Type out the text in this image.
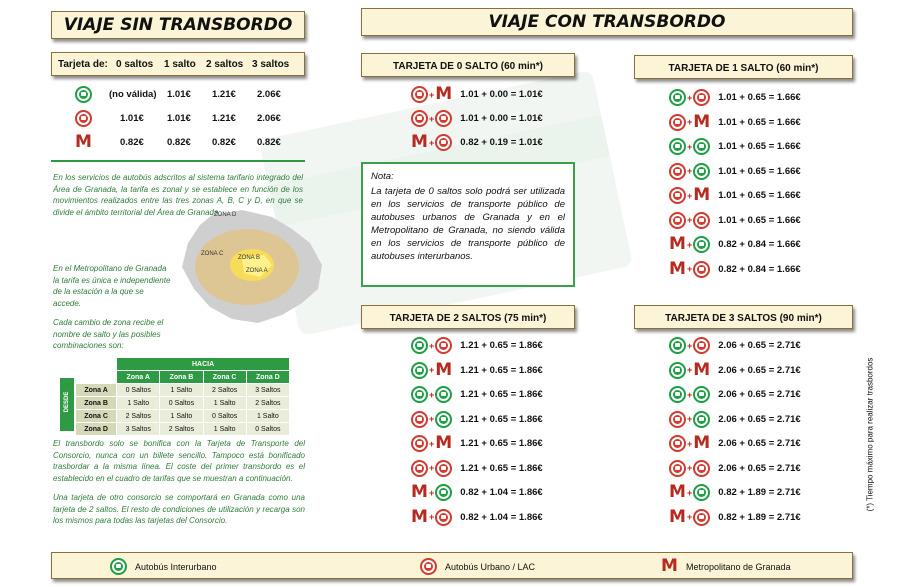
VIAJE SIN TRANSBORDO	VIAJE CON TRANSBORDO
Tarjeta de: 0 saltos	1 salto	2 saltos 3 saltos
(no válida)	1.01€ 1.21€ 2.06€
1.01€ 1.01€ 1.21€ 2.06€
M	0.82€ 0.82€ 0.82€ 0.82€
En los servicios de autobús adscritos al sistema tarifario integrado del Área de Granada, la tarifa es zonal y se establece en función de los movimientos realizados entre las tres zonas A, B, C y D, en que se divide el ámbito territorial del Área de Granada.
ZONA D
ZONA C
ZONA B
ZONA A
En el Metropolitano de Granada la tarifa es única e independiente de la estación a la que se accede.
Cada cambio de zona recibe el nombre de salto y las posibles combinaciones son:
DESDE
	HACIA			
	Zona A	Zona B	Zona C	Zona D
Zona A	0 Saltos	1 Salto	2 Saltos	3 Saltos
Zona B	1 Salto	0 Saltos	1 Salto	2 Saltos
Zona C	2 Saltos	1 Salto	0 Saltos	1 Salto
Zona D	3 Saltos	2 Saltos	1 Salto	0 Saltos
El transbordo solo se bonifica con la Tarjeta de Transporte del Consorcio, nunca con un billete sencillo. Tampoco está bonificado trasbordar a la misma línea. El coste del primer transbordo es el establecido en el cuadro de tarifas que se muestran a continuación.
Una tarjeta de otro consorcio se comportará en Granada como una tarjeta de 2 saltos. El resto de condiciones de utilización y recarga son los mismos para todas las tarjetas del Consorcio.
TARJETA DE 0 SALTO (60 min*)
+ M 1.01 + 0.00 = 1.01€
+	1.01 + 0.00 = 1.01€
M +	0.82 + 0.19 = 1.01€
Nota:
La tarjeta de 0 saltos solo podrá ser utilizada en los servicios de transporte público de autobuses urbanos de Granada y en el Metropolitano de Granada, no siendo válida en los servicios de transporte público de autobuses interurbanos.
TARJETA DE 1 SALTO (60 min*)
+	1.01 + 0.65 = 1.66€
+ M 1.01 + 0.65 = 1.66€
+	1.01 + 0.65 = 1.66€
+	1.01 + 0.65 = 1.66€
+ M 1.01 + 0.65 = 1.66€
+	1.01 + 0.65 = 1.66€
M +	0.82 + 0.84 = 1.66€
M +	0.82 + 0.84 = 1.66€
TARJETA DE 2 SALTOS (75 min*)
+	1.21 + 0.65 = 1.86€
+ M 1.21 + 0.65 = 1.86€
+	1.21 + 0.65 = 1.86€
+	1.21 + 0.65 = 1.86€
+ M 1.21 + 0.65 = 1.86€
+	1.21 + 0.65 = 1.86€
M +	0.82 + 1.04 = 1.86€
M +	0.82 + 1.04 = 1.86€
TARJETA DE 3 SALTOS (90 min*)
+	2.06 + 0.65 = 2.71€
+ M 2.06 + 0.65 = 2.71€
+	2.06 + 0.65 = 2.71€
+	2.06 + 0.65 = 2.71€
+ M 2.06 + 0.65 = 2.71€
+	2.06 + 0.65 = 2.71€
M +	0.82 + 1.89 = 2.71€
M +	0.82 + 1.89 = 2.71€
(*) Tiempo máximo para realizar trasbordos
Autobús Interurbano	Autobús Urbano / LAC	M Metropolitano de Granada
